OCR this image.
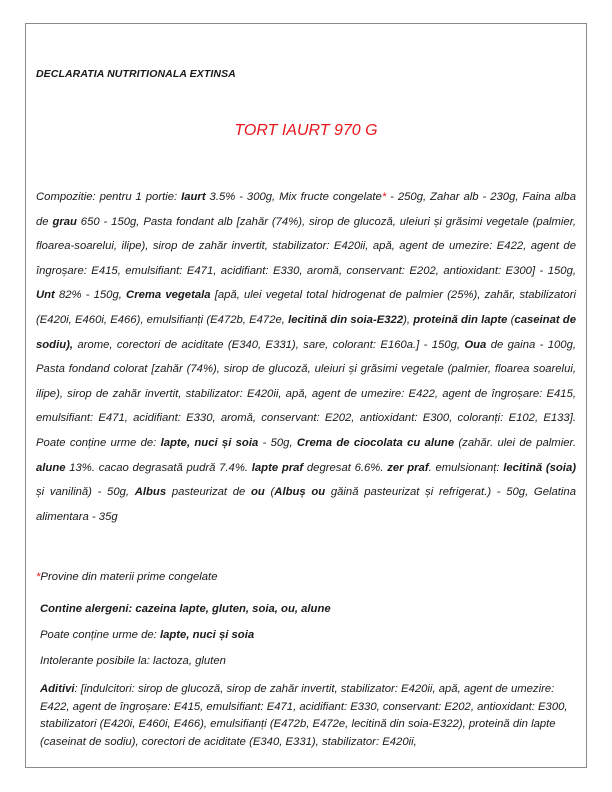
DECLARATIA NUTRITIONALA EXTINSA
TORT IAURT 970 G
Compozitie: pentru 1 portie: Iaurt 3.5% - 300g, Mix fructe congelate* - 250g, Zahar alb - 230g, Faina alba de grau 650 - 150g, Pasta fondant alb [zahăr (74%), sirop de glucoză, uleiuri și grăsimi vegetale (palmier, floarea-soarelui, ilipe), sirop de zahăr invertit, stabilizator: E420ii, apă, agent de umezire: E422, agent de îngroșare: E415, emulsifiant: E471, acidifiant: E330, aromă, conservant: E202, antioxidant: E300] - 150g, Unt 82% - 150g, Crema vegetala [apă, ulei vegetal total hidrogenat de palmier (25%), zahăr, stabilizatori (E420i, E460i, E466), emulsifianți (E472b, E472e, lecitină din soia-E322), proteină din lapte (caseinat de sodiu), arome, corectori de aciditate (E340, E331), sare, colorant: E160a.] - 150g, Oua de gaina - 100g, Pasta fondand colorat [zahăr (74%), sirop de glucoză, uleiuri și grăsimi vegetale (palmier, floarea soarelui, ilipe), sirop de zahăr invertit, stabilizator: E420ii, apă, agent de umezire: E422, agent de îngroșare: E415, emulsifiant: E471, acidifiant: E330, aromă, conservant: E202, antioxidant: E300, coloranți: E102, E133]. Poate conține urme de: lapte, nuci și soia - 50g, Crema de ciocolata cu alune (zahăr. ulei de palmier. alune 13%. cacao degrasată pudră 7.4%. lapte praf degresat 6.6%. zer praf. emulsionanț: lecitină (soia) și vanilină) - 50g, Albus pasteurizat de ou (Albuș ou găină pasteurizat și refrigerat.) - 50g, Gelatina alimentara - 35g
*Provine din materii prime congelate
Contine alergeni: cazeina lapte, gluten, soia, ou, alune
Poate conține urme de: lapte, nuci și soia
Intolerante posibile la: lactoza, gluten
Aditivi: [indulcitori: sirop de glucoză, sirop de zahăr invertit, stabilizator: E420ii, apă, agent de umezire: E422, agent de îngroșare: E415, emulsifiant: E471, acidifiant: E330, conservant: E202, antioxidant: E300, stabilizatori (E420i, E460i, E466), emulsifianți (E472b, E472e, lecitină din soia-E322), proteină din lapte (caseinat de sodiu), corectori de aciditate (E340, E331), stabilizator: E420ii,
